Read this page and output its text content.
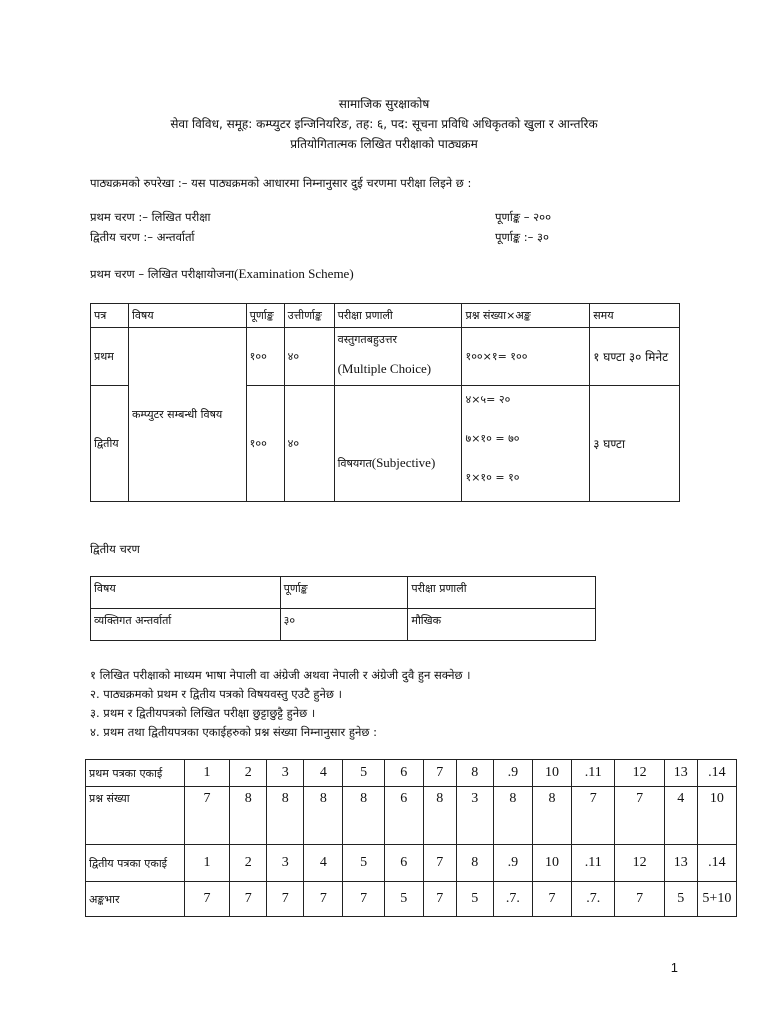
सामाजिक सुरक्षाकोष
सेवा विविध, समूह: कम्प्युटर इन्जिनियरिङ, तह: ६, पद: सूचना प्रविधि अधिकृतको खुला र आन्तरिक
प्रतियोगितात्मक लिखित परीक्षाको पाठ्यक्रम
पाठ्यक्रमको रुपरेखा :– यस पाठ्यक्रमको आधारमा निम्नानुसार दुई चरणमा परीक्षा लिइने छ :
प्रथम चरण :– लिखित परीक्षा	पूर्णाङ्क – २००
द्वितीय चरण :– अन्तर्वार्ता	पूर्णाङ्क :– ३०
प्रथम चरण – लिखित परीक्षायोजना(Examination Scheme)
पत्र	विषय	पूर्णाङ्क	उत्तीर्णाङ्क	परीक्षा प्रणाली	प्रश्न संख्या×अङ्क	समय
प्रथम	कम्प्युटर सम्बन्धी विषय	१००	४०	वस्तुगतबहुउत्तर
(Multiple Choice)	१००×१= १००	१ घण्टा ३० मिनेट
द्वितीय		१००	४०	विषयगत(Subjective)	४×५= २०
७×१० = ७०
१×१० = १०	३ घण्टा
द्वितीय चरण
विषय	पूर्णाङ्क	परीक्षा प्रणाली
व्यक्तिगत अन्तर्वार्ता	३०	मौखिक
१ लिखित परीक्षाको माध्यम भाषा नेपाली वा अंग्रेजी अथवा नेपाली र अंग्रेजी दुवै हुन सक्नेछ ।
२. पाठ्यक्रमको प्रथम र द्वितीय पत्रको विषयवस्तु एउटै हुनेछ ।
३. प्रथम र द्वितीयपत्रको लिखित परीक्षा छुट्टाछुट्टै हुनेछ ।
४. प्रथम तथा द्वितीयपत्रका एकाईहरुको प्रश्न संख्या निम्नानुसार हुनेछ :
प्रथम पत्रका एकाई	1	2	3	4	5	6	7	8	.9	10	.11	12	13	.14
प्रश्न संख्या	7	8	8	8	8	6	8	3	8	8	7	7	4	10
द्वितीय पत्रका एकाई	1	2	3	4	5	6	7	8	.9	10	.11	12	13	.14
अङ्कभार	7	7	7	7	7	5	7	5	.7.	7	.7.	7	5	5+10
1
